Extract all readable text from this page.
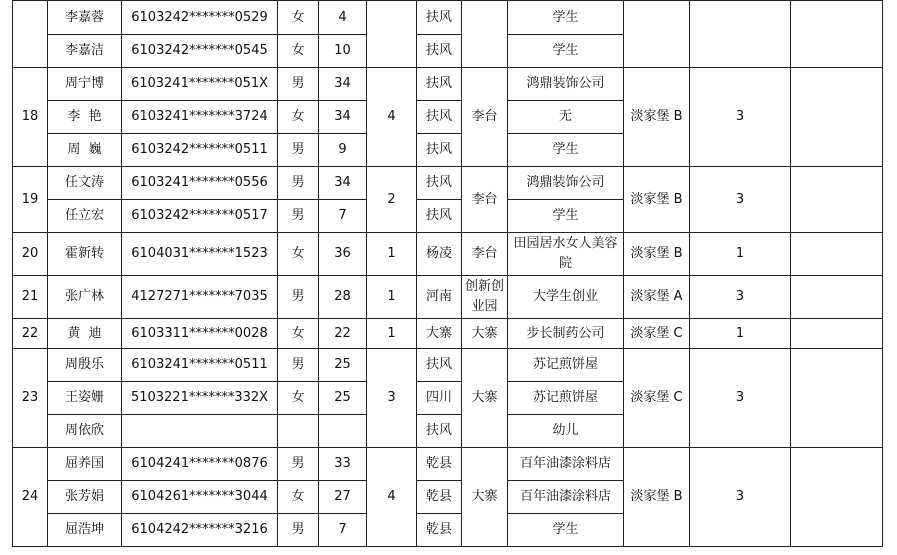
	李嘉蓉	6103242*******0529	女	4		扶风		学生			
	李嘉洁	6103242*******0545	女	10		扶风		学生			
18	周宁博	6103241*******051X	男	34	4	扶风	李台	鸿鼎装饰公司	淡家堡 B	3	
	李  艳	6103241*******3724	女	34		扶风		无			
	周  巍	6103242*******0511	男	9		扶风		学生			
19	任文涛	6103241*******0556	男	34	2	扶风	李台	鸿鼎装饰公司	淡家堡 B	3	
	任立宏	6103242*******0517	男	7		扶风		学生			
20	霍新转	6104031*******1523	女	36	1	杨凌	李台	田园居水女人美容院	淡家堡 B	1	
21	张广林	4127271*******7035	男	28	1	河南	创新创业园	大学生创业	淡家堡 A	3	
22	黄  迪	6103311*******0028	女	22	1	大寨	大寨	步长制药公司	淡家堡 C	1	
23	周殷乐	6103241*******0511	男	25	3	扶风	大寨	苏记煎饼屋	淡家堡 C	3	
	王姿姗	5103221*******332X	女	25		四川		苏记煎饼屋			
	周依欣					扶风		幼儿			
24	屈养国	6104241*******0876	男	33	4	乾县	大寨	百年油漆涂料店	淡家堡 B	3	
	张芳娟	6104261*******3044	女	27		乾县		百年油漆涂料店			
	屈浩坤	6104242*******3216	男	7		乾县		学生			
